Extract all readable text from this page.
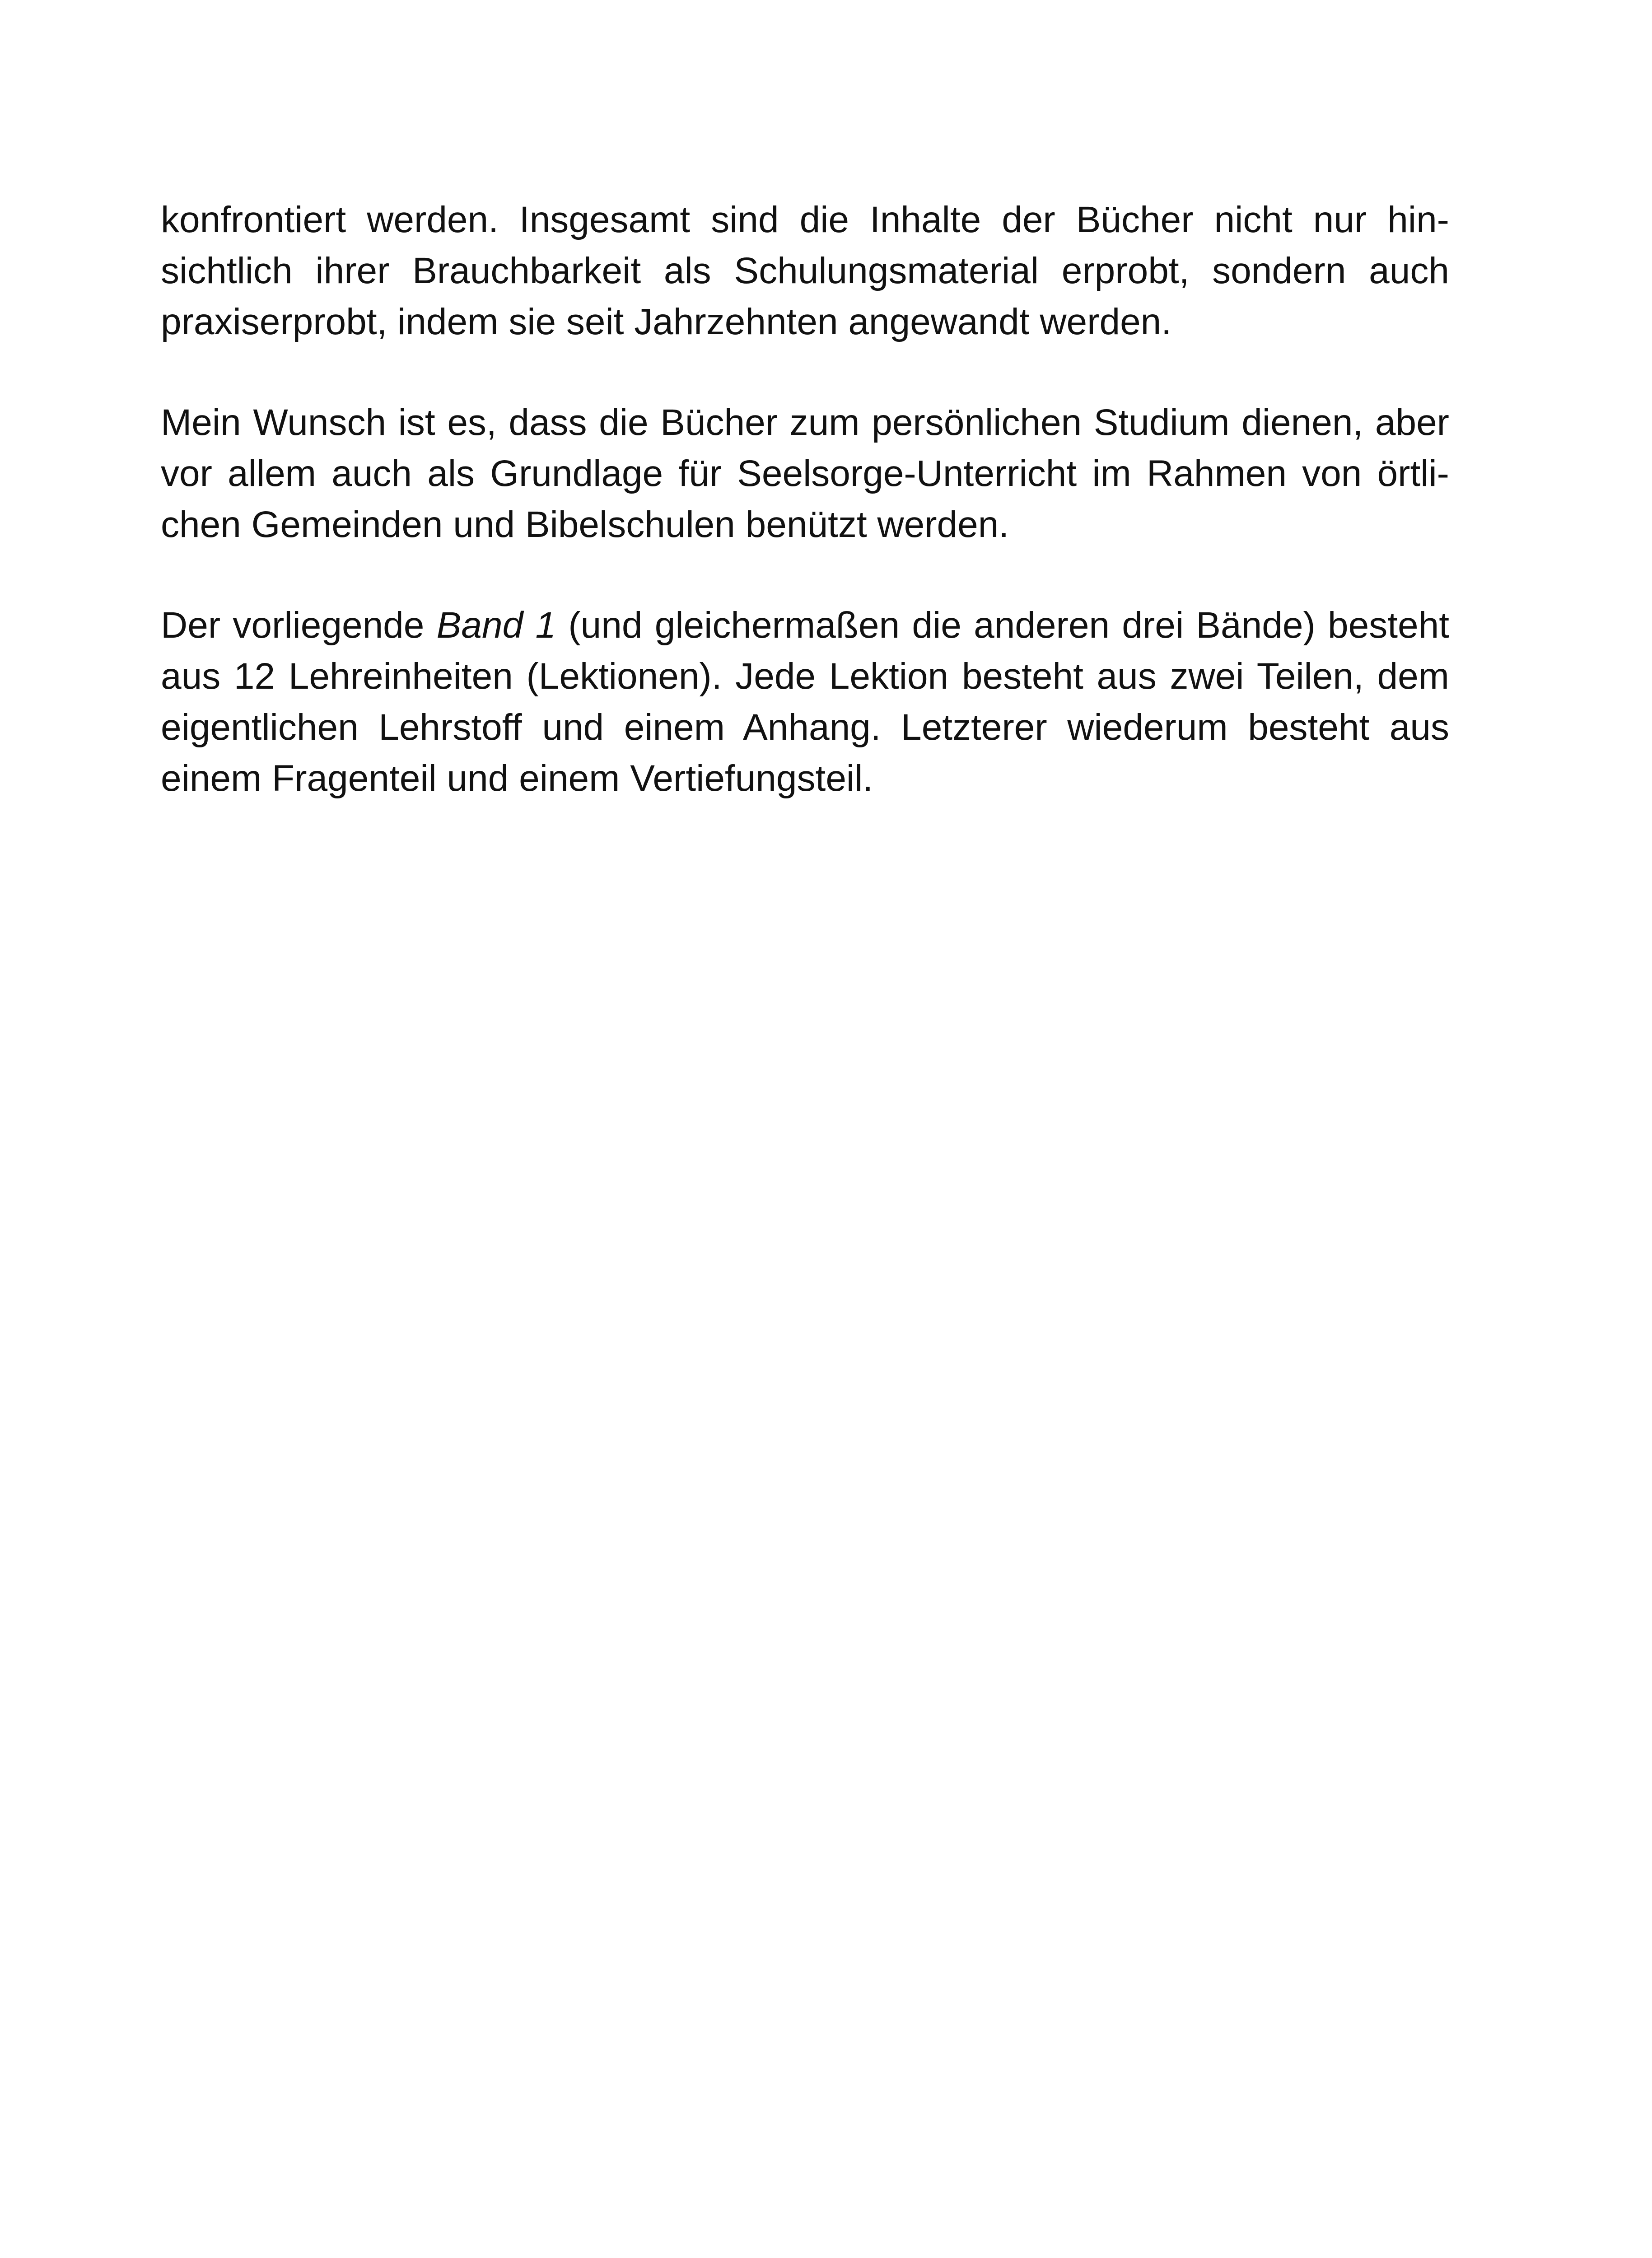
konfrontiert werden. Insgesamt sind die Inhalte der Bücher nicht nur hin-
sichtlich ihrer Brauchbarkeit als Schulungsmaterial erprobt, sondern auch
praxiserprobt, indem sie seit Jahrzehnten angewandt werden.

Mein Wunsch ist es, dass die Bücher zum persönlichen Studium dienen, aber
vor allem auch als Grundlage für Seelsorge-Unterricht im Rahmen von örtli-
chen Gemeinden und Bibelschulen benützt werden.

Der vorliegende Band 1 (und gleichermaßen die anderen drei Bände) besteht
aus 12 Lehreinheiten (Lektionen). Jede Lektion besteht aus zwei Teilen, dem
eigentlichen Lehrstoff und einem Anhang. Letzterer wiederum besteht aus
einem Fragenteil und einem Vertiefungsteil.
